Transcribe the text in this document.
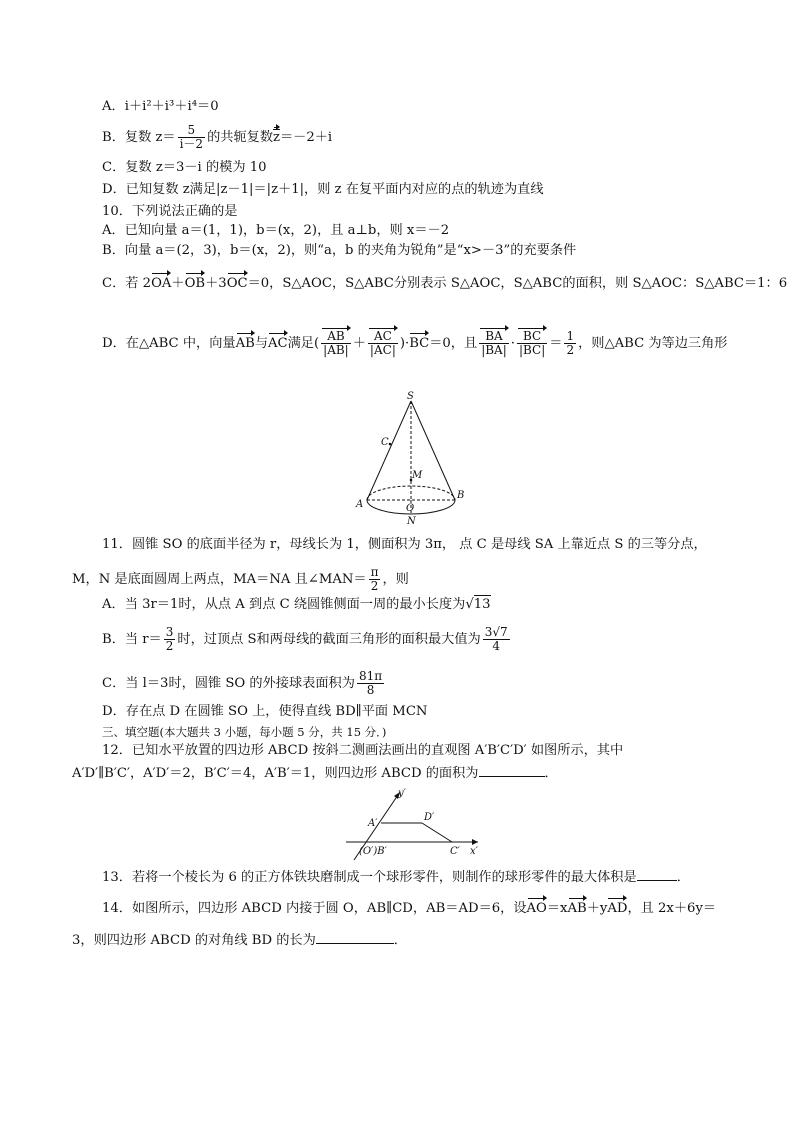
A．i＋i²＋i³＋i⁴＝0
B．复数 $z= \frac{5}{i-2}$ 的共轭复数$\overline{z}=-2+i$
C．复数 z＝3－i 的模为 10
D．已知复数 z满足|z－1|＝|z＋1|，则 z 在复平面内对应的点的轨迹为直线
10．下列说法正确的是
A．已知向量 a＝(1，1)，b＝(x，2)，且 a⊥b，则 x＝－2
B．向量 a＝(2，3)，b＝(x，2)，则“a，b 的夹角为锐角”是“x>－3”的充要条件
C．若 2OA＋OB＋3OC＝0，S△AOC，S△ABC分别表示 S△AOC，S△ABC的面积，则 S△AOC：S△ABC＝1：6
D．在△ABC 中，向量AB与AC满足( $\frac{AB}{|AB|} + \frac{AC}{|AC|} )\cdot BC=0$，且 $\frac{BA}{|BA|} \cdot \frac{BC}{|BC|} = \frac{1}{2}$ ，则△ABC 为等边三角形
S
C
M
A	O
B
N
11．圆锥 SO 的底面半径为 r，母线长为 1，侧面积为 3π， 点 C 是母线 SA 上靠近点 S 的三等分点，
M，N 是底面圆周上两点，MA＝NA 且∠MAN＝ $\frac{\pi}{2}$ ，则
A．当 3r＝1时，从点 A 到点 C 绕圆锥侧面一周的最小长度为√13
B．当 $r= \frac{3}{2}$ 时，过顶点 S和两母线的截面三角形的面积最大值为 $\frac{3√7}{4}$
C．当 l＝3时，圆锥 SO 的外接球表面积为 $\frac{81\pi}{8}$
D．存在点 D 在圆锥 SO 上，使得直线 BD∥平面 MCN
三、填空题(本大题共 3 小题，每小题 5 分，共 15 分．)
12．已知水平放置的四边形 ABCD 按斜二测画法画出的直观图 A′B′C′D′ 如图所示，其中
A′D′∥B′C′，A′D′＝2，B′C′＝4，A′B′＝1，则四边形 ABCD 的面积为	．
y′
A′
D′
(O′)B′	C′ x′
13．若将一个棱长为 6 的正方体铁块磨制成一个球形零件，则制作的球形零件的最大体积是	．
14．如图所示，四边形 ABCD 内接于圆 O，AB∥CD，AB＝AD＝6，设AO＝xAB＋yAD，且 2x＋6y＝
3，则四边形 ABCD 的对角线 BD 的长为	．
